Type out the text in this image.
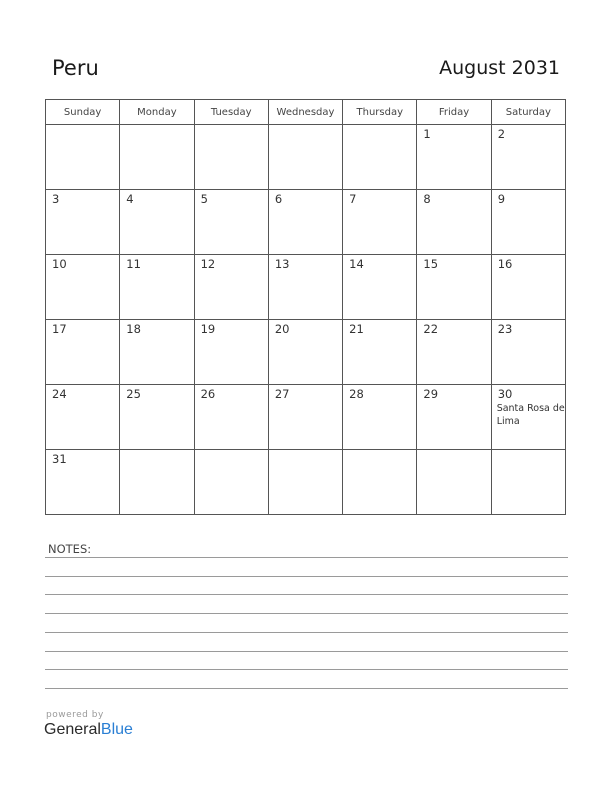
Peru	August 2031
Sunday	Monday	Tuesday	Wednesday	Thursday	Friday	Saturday

					1	2

3	4	5	6	7	8	9

10	11	12	13	14	15	16

17	18	19	20	21	22	23

24	25	26	27	28	29	30
Santa Rosa de Lima

31						

NOTES:
powered by
GeneralBlue
